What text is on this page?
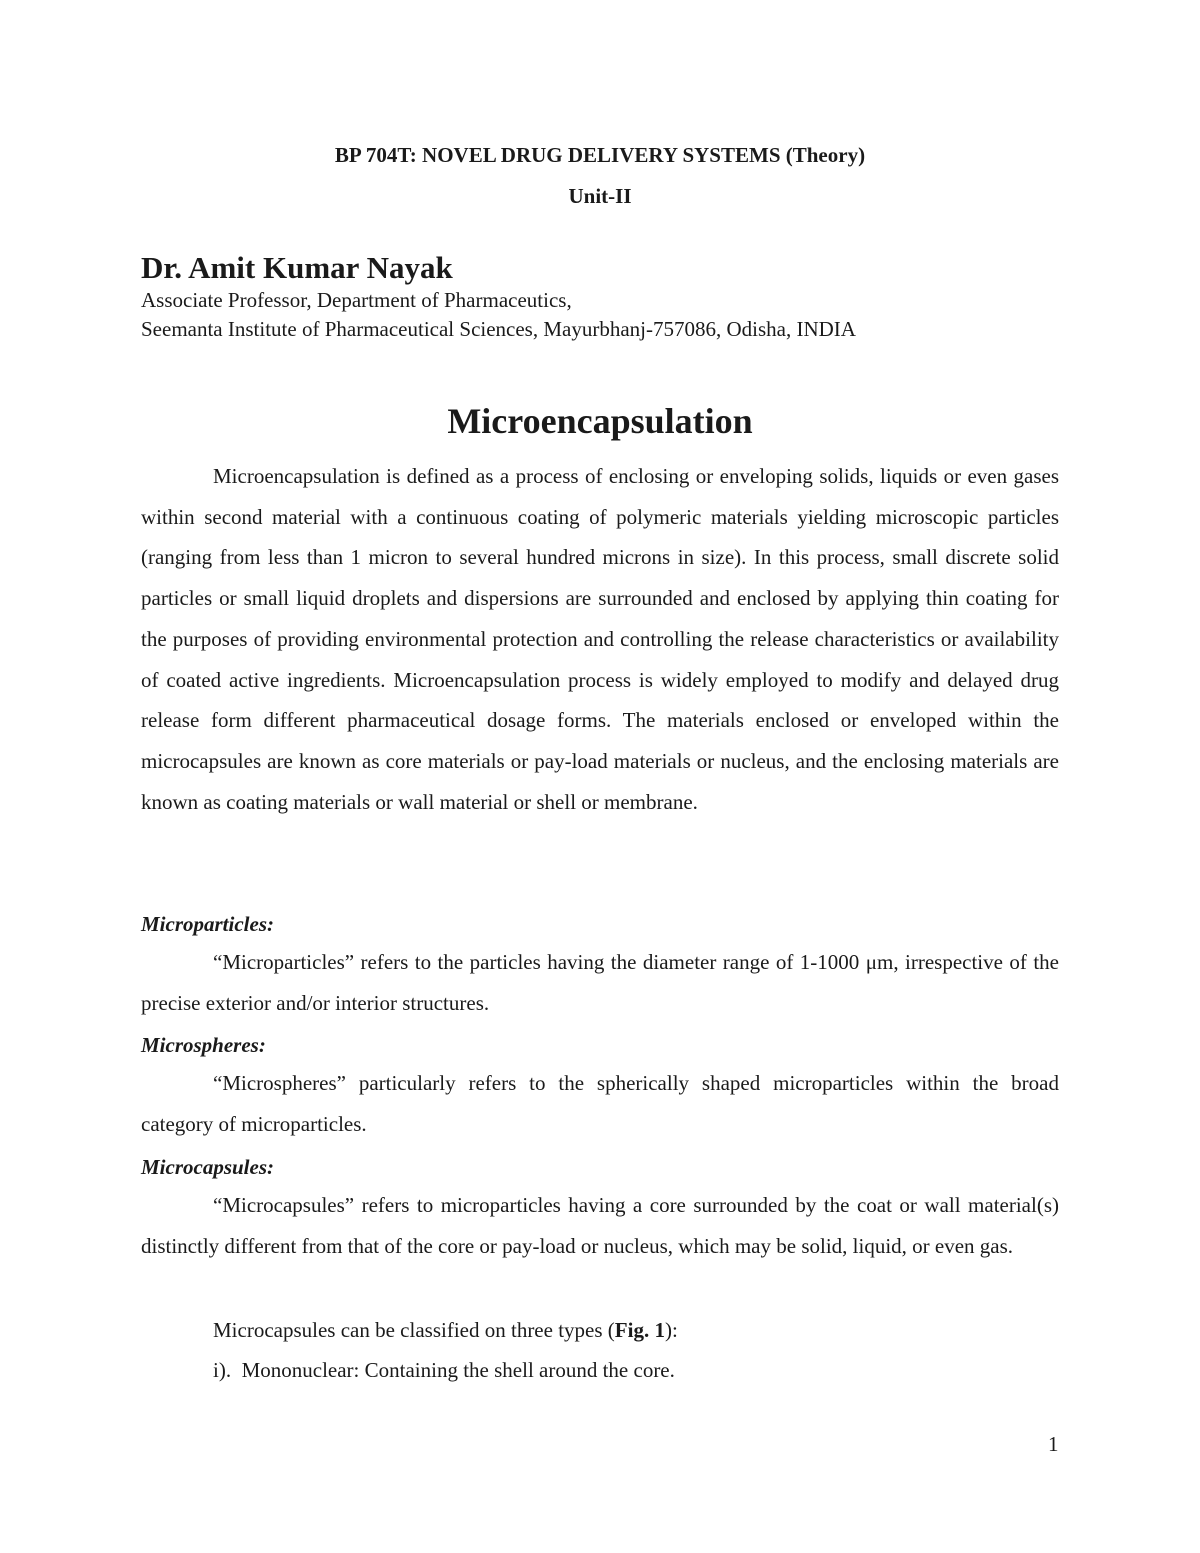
BP 704T: NOVEL DRUG DELIVERY SYSTEMS (Theory)
Unit-II
Dr. Amit Kumar Nayak
Associate Professor, Department of Pharmaceutics,
Seemanta Institute of Pharmaceutical Sciences, Mayurbhanj-757086, Odisha, INDIA
Microencapsulation

Microencapsulation is defined as a process of enclosing or enveloping solids, liquids or even gases within second material with a continuous coating of polymeric materials yielding microscopic particles (ranging from less than 1 micron to several hundred microns in size). In this process, small discrete solid particles or small liquid droplets and dispersions are surrounded and enclosed by applying thin coating for the purposes of providing environmental protection and controlling the release characteristics or availability of coated active ingredients. Microencapsulation process is widely employed to modify and delayed drug release form different pharmaceutical dosage forms. The materials enclosed or enveloped within the microcapsules are known as core materials or pay-load materials or nucleus, and the enclosing materials are known as coating materials or wall material or shell or membrane.

Microparticles:

“Microparticles” refers to the particles having the diameter range of 1-1000 μm, irrespective of the precise exterior and/or interior structures.

Microspheres:

“Microspheres” particularly refers to the spherically shaped microparticles within the broad category of microparticles.

Microcapsules:

“Microcapsules” refers to microparticles having a core surrounded by the coat or wall material(s) distinctly different from that of the core or pay-load or nucleus, which may be solid, liquid, or even gas.

Microcapsules can be classified on three types (Fig. 1):
i).  Mononuclear: Containing the shell around the core.
1
